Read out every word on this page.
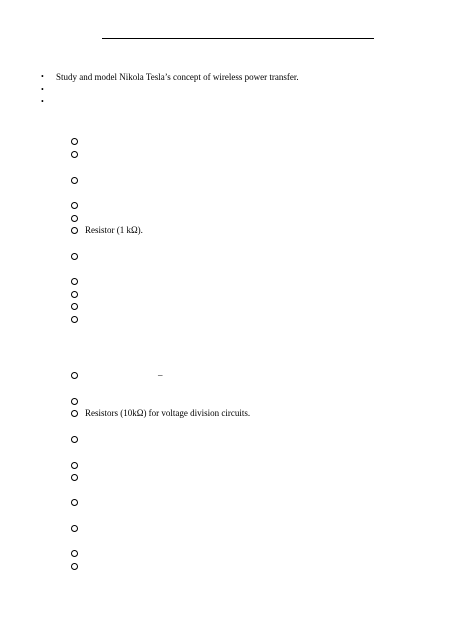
•	Study and model Nikola Tesla’s concept of wireless power transfer.
•
•
Resistor (1 kΩ).
–
Resistors (10kΩ) for voltage division circuits.
